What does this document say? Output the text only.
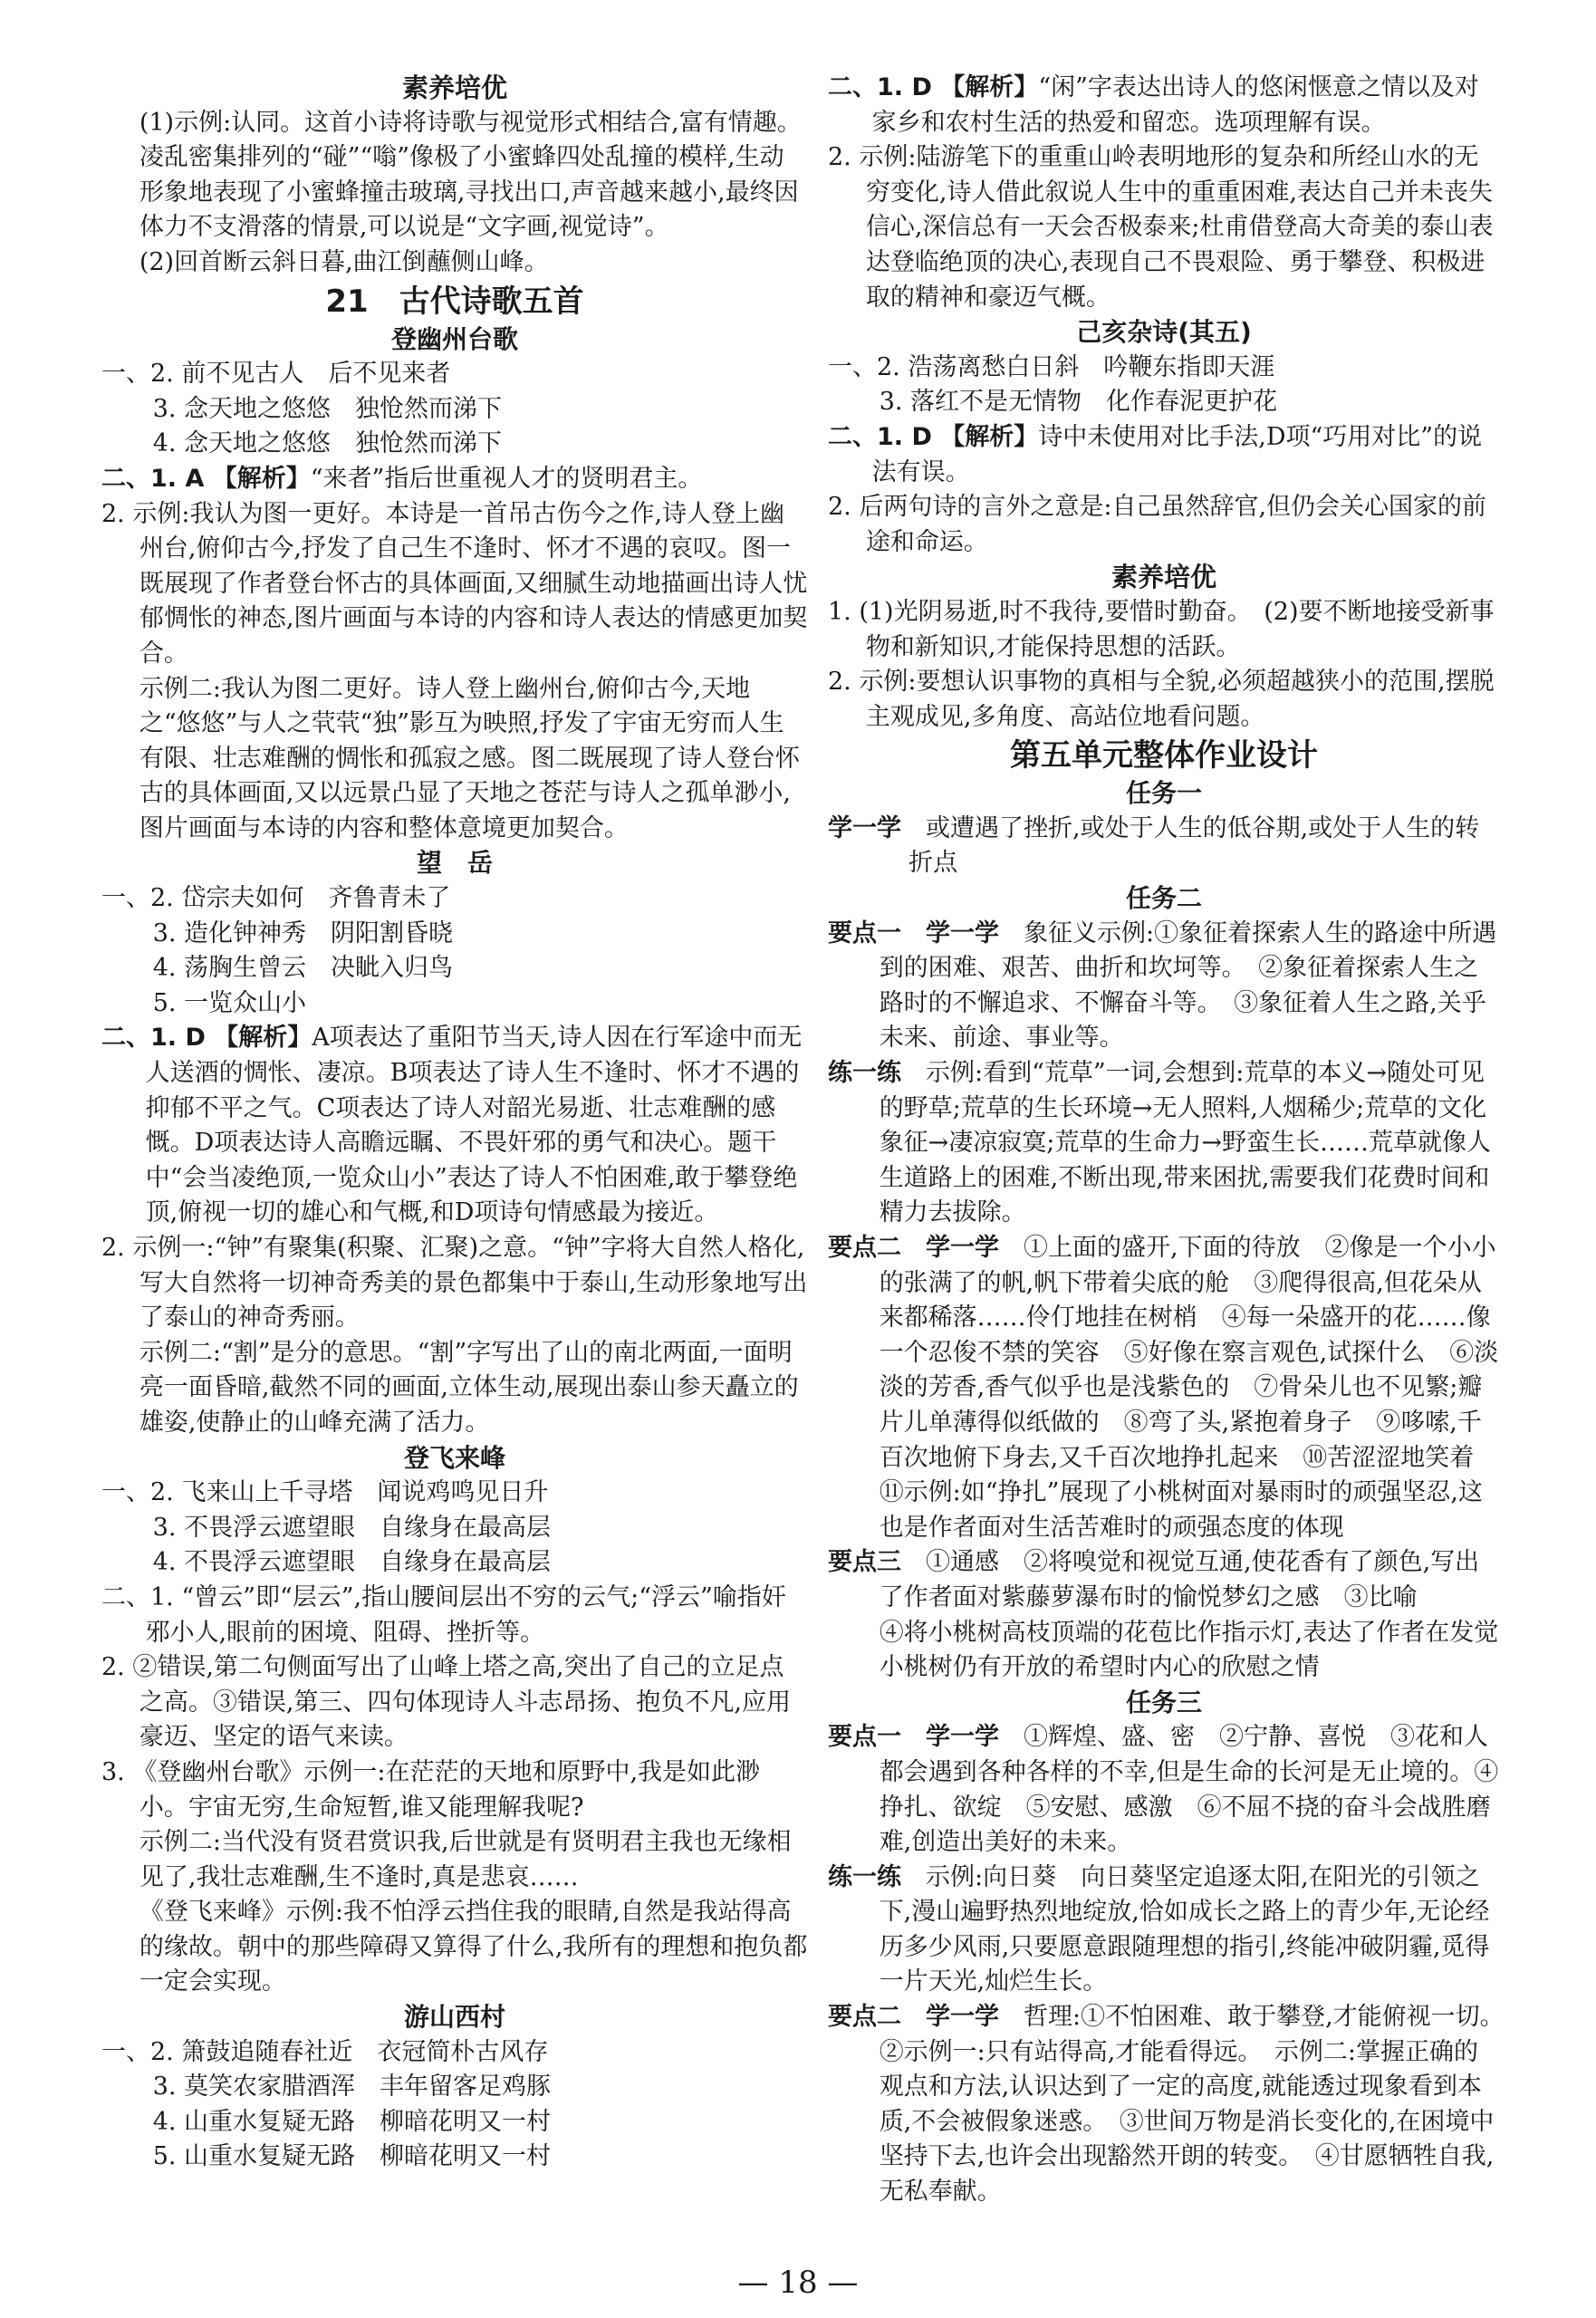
素养培优

(1)示例:认同。这首小诗将诗歌与视觉形式相结合,富有情趣。凌乱密集排列的“碰”“嗡”像极了小蜜蜂四处乱撞的模样,生动形象地表现了小蜜蜂撞击玻璃,寻找出口,声音越来越小,最终因体力不支滑落的情景,可以说是“文字画,视觉诗”。

(2)回首断云斜日暮,曲江倒蘸侧山峰。

21　古代诗歌五首

登幽州台歌

一、2. 前不见古人　后不见来者

3. 念天地之悠悠　独怆然而涕下

4. 念天地之悠悠　独怆然而涕下

二、1. A 【解析】“来者”指后世重视人才的贤明君主。

2. 示例:我认为图一更好。本诗是一首吊古伤今之作,诗人登上幽州台,俯仰古今,抒发了自己生不逢时、怀才不遇的哀叹。图一既展现了作者登台怀古的具体画面,又细腻生动地描画出诗人忧郁惆怅的神态,图片画面与本诗的内容和诗人表达的情感更加契合。

示例二:我认为图二更好。诗人登上幽州台,俯仰古今,天地之“悠悠”与人之茕茕“独”影互为映照,抒发了宇宙无穷而人生有限、壮志难酬的惆怅和孤寂之感。图二既展现了诗人登台怀古的具体画面,又以远景凸显了天地之苍茫与诗人之孤单渺小,图片画面与本诗的内容和整体意境更加契合。

望　岳

一、2. 岱宗夫如何　齐鲁青未了

3. 造化钟神秀　阴阳割昏晓

4. 荡胸生曾云　决眦入归鸟

5. 一览众山小

二、1. D 【解析】A项表达了重阳节当天,诗人因在行军途中而无人送酒的惆怅、凄凉。B项表达了诗人生不逢时、怀才不遇的抑郁不平之气。C项表达了诗人对韶光易逝、壮志难酬的感慨。D项表达诗人高瞻远瞩、不畏奸邪的勇气和决心。题干中“会当凌绝顶,一览众山小”表达了诗人不怕困难,敢于攀登绝顶,俯视一切的雄心和气概,和D项诗句情感最为接近。

2. 示例一:“钟”有聚集(积聚、汇聚)之意。“钟”字将大自然人格化,写大自然将一切神奇秀美的景色都集中于泰山,生动形象地写出了泰山的神奇秀丽。

示例二:“割”是分的意思。“割”字写出了山的南北两面,一面明亮一面昏暗,截然不同的画面,立体生动,展现出泰山参天矗立的雄姿,使静止的山峰充满了活力。

登飞来峰

一、2. 飞来山上千寻塔　闻说鸡鸣见日升

3. 不畏浮云遮望眼　自缘身在最高层

4. 不畏浮云遮望眼　自缘身在最高层

二、1. “曾云”即“层云”,指山腰间层出不穷的云气;“浮云”喻指奸邪小人,眼前的困境、阻碍、挫折等。

2. ②错误,第二句侧面写出了山峰上塔之高,突出了自己的立足点之高。③错误,第三、四句体现诗人斗志昂扬、抱负不凡,应用豪迈、坚定的语气来读。

3. 《登幽州台歌》示例一:在茫茫的天地和原野中,我是如此渺小。宇宙无穷,生命短暂,谁又能理解我呢?

示例二:当代没有贤君赏识我,后世就是有贤明君主我也无缘相见了,我壮志难酬,生不逢时,真是悲哀……

《登飞来峰》示例:我不怕浮云挡住我的眼睛,自然是我站得高的缘故。朝中的那些障碍又算得了什么,我所有的理想和抱负都一定会实现。

游山西村

一、2. 箫鼓追随春社近　衣冠简朴古风存

3. 莫笑农家腊酒浑　丰年留客足鸡豚

4. 山重水复疑无路　柳暗花明又一村

5. 山重水复疑无路　柳暗花明又一村

二、1. D 【解析】“闲”字表达出诗人的悠闲惬意之情以及对家乡和农村生活的热爱和留恋。选项理解有误。

2. 示例:陆游笔下的重重山岭表明地形的复杂和所经山水的无穷变化,诗人借此叙说人生中的重重困难,表达自己并未丧失信心,深信总有一天会否极泰来;杜甫借登高大奇美的泰山表达登临绝顶的决心,表现自己不畏艰险、勇于攀登、积极进取的精神和豪迈气概。

己亥杂诗(其五)

一、2. 浩荡离愁白日斜　吟鞭东指即天涯

3. 落红不是无情物　化作春泥更护花

二、1. D 【解析】诗中未使用对比手法,D项“巧用对比”的说法有误。

2. 后两句诗的言外之意是:自己虽然辞官,但仍会关心国家的前途和命运。

素养培优

1. (1)光阴易逝,时不我待,要惜时勤奋。　(2)要不断地接受新事物和新知识,才能保持思想的活跃。

2. 示例:要想认识事物的真相与全貌,必须超越狭小的范围,摆脱主观成见,多角度、高站位地看问题。

第五单元整体作业设计

任务一

学一学　或遭遇了挫折,或处于人生的低谷期,或处于人生的转折点

任务二

要点一　学一学　象征义示例:①象征着探索人生的路途中所遇到的困难、艰苦、曲折和坎坷等。　②象征着探索人生之路时的不懈追求、不懈奋斗等。　③象征着人生之路,关乎未来、前途、事业等。

练一练　示例:看到“荒草”一词,会想到:荒草的本义→随处可见的野草;荒草的生长环境→无人照料,人烟稀少;荒草的文化象征→凄凉寂寞;荒草的生命力→野蛮生长……荒草就像人生道路上的困难,不断出现,带来困扰,需要我们花费时间和精力去拔除。

要点二　学一学　①上面的盛开,下面的待放　②像是一个小小的张满了的帆,帆下带着尖底的舱　③爬得很高,但花朵从来都稀落……伶仃地挂在树梢　④每一朵盛开的花……像一个忍俊不禁的笑容　⑤好像在察言观色,试探什么　⑥淡淡的芳香,香气似乎也是浅紫色的　⑦骨朵儿也不见繁;瓣片儿单薄得似纸做的　⑧弯了头,紧抱着身子　⑨哆嗦,千百次地俯下身去,又千百次地挣扎起来　⑩苦涩涩地笑着

⑪示例:如“挣扎”展现了小桃树面对暴雨时的顽强坚忍,这也是作者面对生活苦难时的顽强态度的体现

要点三　①通感　②将嗅觉和视觉互通,使花香有了颜色,写出了作者面对紫藤萝瀑布时的愉悦梦幻之感　③比喻

④将小桃树高枝顶端的花苞比作指示灯,表达了作者在发觉小桃树仍有开放的希望时内心的欣慰之情

任务三

要点一　学一学　①辉煌、盛、密　②宁静、喜悦　③花和人都会遇到各种各样的不幸,但是生命的长河是无止境的。④挣扎、欲绽　⑤安慰、感激　⑥不屈不挠的奋斗会战胜磨难,创造出美好的未来。

练一练　示例:向日葵　向日葵坚定追逐太阳,在阳光的引领之下,漫山遍野热烈地绽放,恰如成长之路上的青少年,无论经历多少风雨,只要愿意跟随理想的指引,终能冲破阴霾,觅得一片天光,灿烂生长。

要点二　学一学　哲理:①不怕困难、敢于攀登,才能俯视一切。　②示例一:只有站得高,才能看得远。　示例二:掌握正确的观点和方法,认识达到了一定的高度,就能透过现象看到本质,不会被假象迷惑。　③世间万物是消长变化的,在困境中坚持下去,也许会出现豁然开朗的转变。　④甘愿牺牲自我,无私奉献。

— 18 —
